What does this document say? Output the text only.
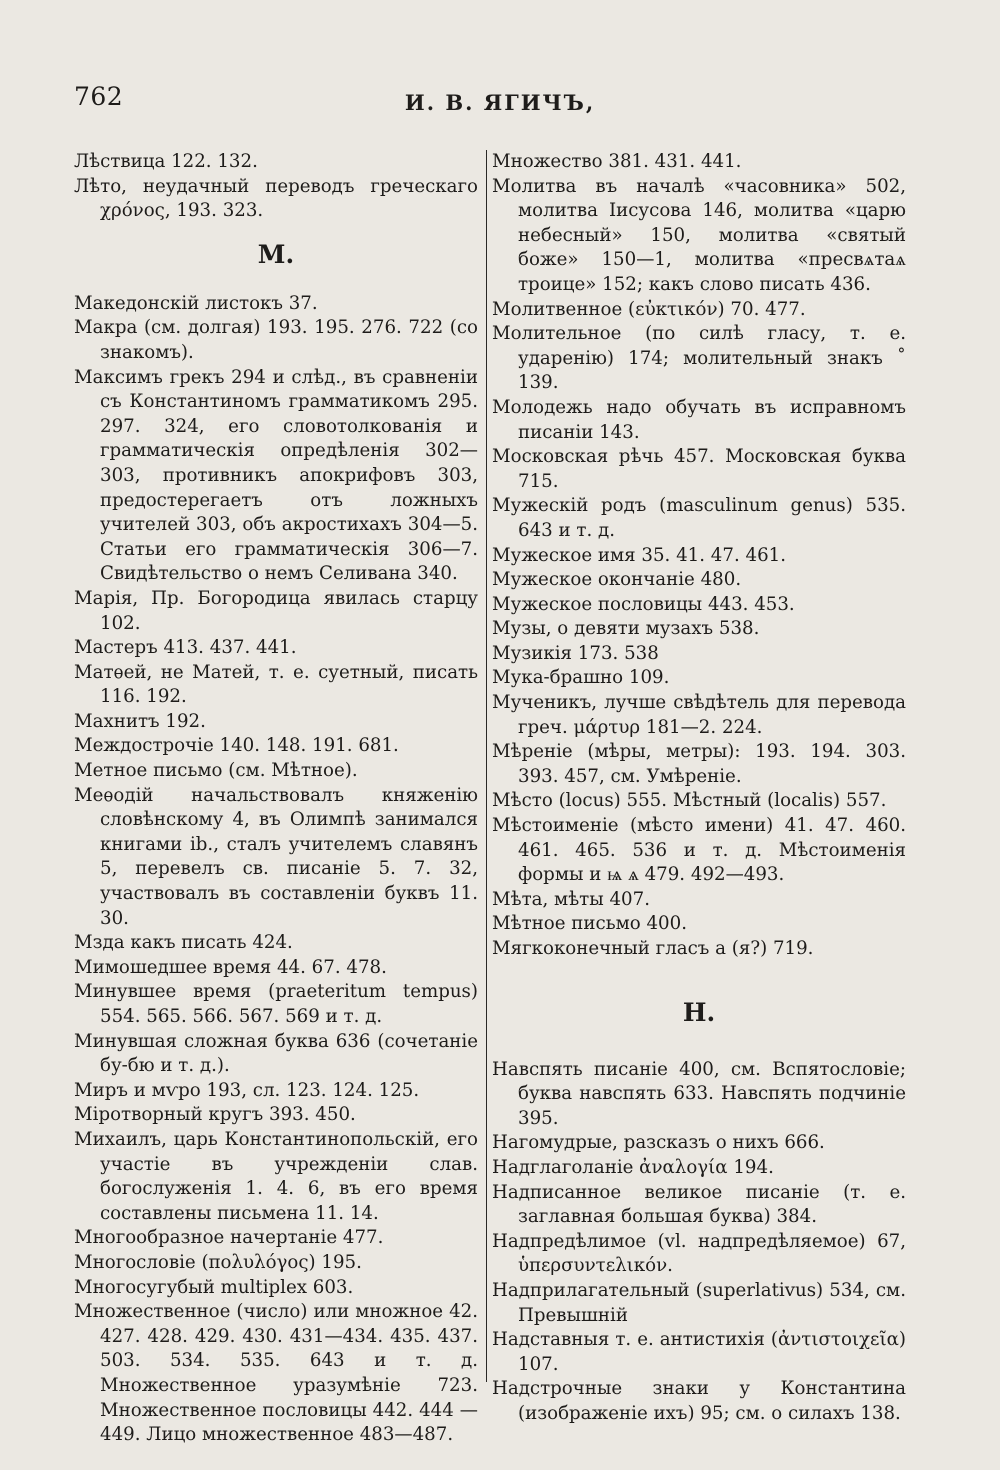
762	И. В. ЯГИЧЪ,

Лѣствица 122. 132.

Лѣто, неудачный переводъ греческаго χρόνος, 193. 323.

М.

Македонскій листокъ 37.

Макра (см. долгая) 193. 195. 276. 722 (со знакомъ).

Максимъ грекъ 294 и слѣд., въ сравненіи съ Константиномъ грамматикомъ 295. 297. 324, его словотолкованія и грамматическія опредѣленія 302—303, противникъ апокрифовъ 303, предостерегаетъ отъ ложныхъ учителей 303, объ акростихахъ 304—5. Статьи его грамматическія 306—7. Свидѣтельство о немъ Селивана 340.

Марія, Пр. Богородица явилась старцу 102.

Мастеръ 413. 437. 441.

Матѳей, не Матей, т. е. суетный, писать 116. 192.

Махнитъ 192.

Междострочіе 140. 148. 191. 681.

Метное письмо (см. Мѣтное).

Меѳодій начальствовалъ княженію словѣнскому 4, въ Олимпѣ занимался книгами ib., сталъ учителемъ славянъ 5, перевелъ св. писаніе 5. 7. 32, участвовалъ въ составленіи буквъ 11. 30.

Мзда какъ писать 424.

Мимошедшее время 44. 67. 478.

Минувшее время (praeteritum tempus) 554. 565. 566. 567. 569 и т. д.

Минувшая сложная буква 636 (сочетаніе бу-бю и т. д.).

Миръ и мѵро 193, сл. 123. 124. 125.

Міротворный кругъ 393. 450.

Михаилъ, царь Константинопольскій, его участіе въ учрежденіи слав. богослуженія 1. 4. 6, въ его время составлены письмена 11. 14.

Многообразное начертаніе 477.

Многословіе (πολυλόγος) 195.

Многосугубый multiplex 603.

Множественное (число) или множное 42. 427. 428. 429. 430. 431—434. 435. 437. 503. 534. 535. 643 и т. д. Множественное уразумѣніе 723. Множественное пословицы 442. 444 — 449. Лицо множественное 483—487.

Множество 381. 431. 441.

Молитва въ началѣ «часовника» 502, молитва Іисусова 146, молитва «царю небесный» 150, молитва «святый боже» 150—1, молитва «пресвѧтаѧ троице» 152; какъ слово писать 436.

Молитвенное (εὐκτικόν) 70. 477.

Молительное (по силѣ гласу, т. е. ударенію) 174; молительный знакъ ˚ 139.

Молодежь надо обучать въ исправномъ писаніи 143.

Московская рѣчь 457. Московская буква 715.

Мужескій родъ (masculinum genus) 535. 643 и т. д.

Мужеское имя 35. 41. 47. 461.

Мужеское окончаніе 480.

Мужеское пословицы 443. 453.

Музы, о девяти музахъ 538.

Музикія 173. 538

Мука-брашно 109.

Мученикъ, лучше свѣдѣтель для перевода греч. μάρτυρ 181—2. 224.

Мѣреніе (мѣры, метры): 193. 194. 303. 393. 457, см. Умѣреніе.

Мѣсто (locus) 555. Мѣстный (localis) 557.

Мѣстоименіе (мѣсто имени) 41. 47. 460. 461. 465. 536 и т. д. Мѣстоименія формы и ѩ ѧ 479. 492—493.

Мѣта, мѣты 407.

Мѣтное письмо 400.

Мягкоконечный гласъ а (я?) 719.

Н.

Навспять писаніе 400, см. Вспятословіе; буква навспять 633. Навспять подчиніе 395.

Нагомудрые, разсказъ о нихъ 666.

Надглаголаніе ἀναλογία 194.

Надписанное великое писаніе (т. е. заглавная большая буква) 384.

Надпредѣлимое (vl. надпредѣляемое) 67, ὑπερσυντελικόν.

Надприлагательный (superlativus) 534, см. Превышній

Надставныя т. е. антистихія (ἀντιστοιχεῖα) 107.

Надстрочные знаки у Константина (изображеніе ихъ) 95; см. о силахъ 138.
